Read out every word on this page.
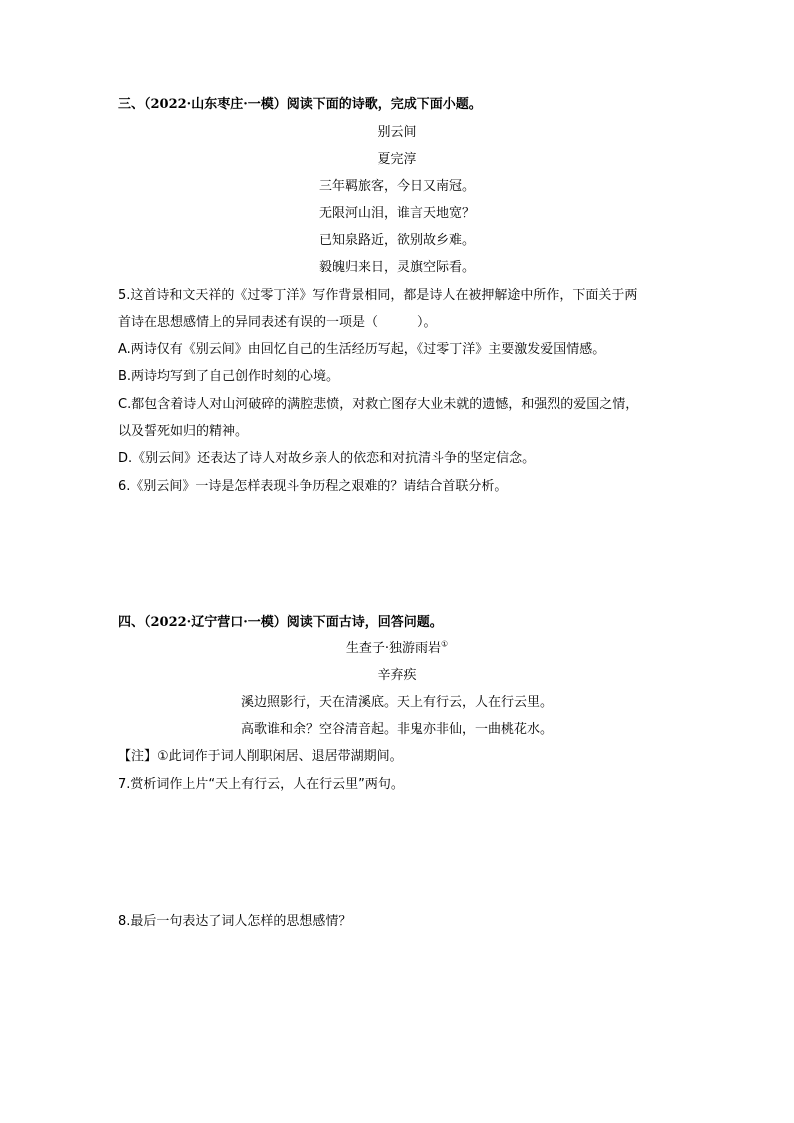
三、（2022·山东枣庄·一模）阅读下面的诗歌，完成下面小题。
别云间
夏完淳
三年羁旅客，今日又南冠。
无限河山泪，谁言天地宽？
已知泉路近，欲别故乡难。
毅魄归来日，灵旗空际看。
5.这首诗和文天祥的《过零丁洋》写作背景相同，都是诗人在被押解途中所作，下面关于两
首诗在思想感情上的异同表述有误的一项是（　　　）。
A.两诗仅有《别云间》由回忆自己的生活经历写起，《过零丁洋》主要激发爱国情感。
B.两诗均写到了自己创作时刻的心境。
C.都包含着诗人对山河破碎的满腔悲愤，对救亡图存大业未就的遗憾，和强烈的爱国之情，
以及誓死如归的精神。
D.《别云间》还表达了诗人对故乡亲人的依恋和对抗清斗争的坚定信念。
6.《别云间》一诗是怎样表现斗争历程之艰难的？请结合首联分析。
四、（2022·辽宁营口·一模）阅读下面古诗，回答问题。
生查子·独游雨岩①
辛弃疾
溪边照影行，天在清溪底。天上有行云，人在行云里。
高歌谁和余？空谷清音起。非鬼亦非仙，一曲桃花水。
【注】①此词作于词人削职闲居、退居带湖期间。
7.赏析词作上片“天上有行云，人在行云里”两句。
8.最后一句表达了词人怎样的思想感情？
